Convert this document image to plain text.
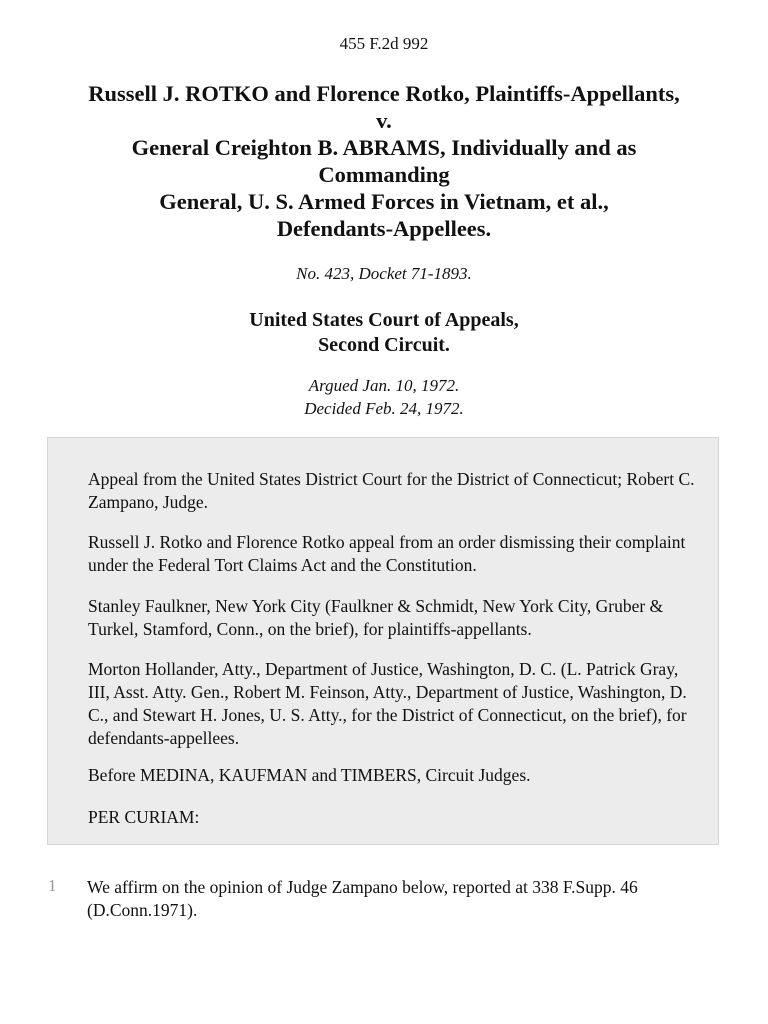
455 F.2d 992
Russell J. ROTKO and Florence Rotko, Plaintiffs-Appellants,
v.
General Creighton B. ABRAMS, Individually and as
Commanding
General, U. S. Armed Forces in Vietnam, et al.,
Defendants-Appellees.
No. 423, Docket 71-1893.
United States Court of Appeals,
Second Circuit.
Argued Jan. 10, 1972.
Decided Feb. 24, 1972.

Appeal from the United States District Court for the District of Connecticut; Robert C. Zampano, Judge.

Russell J. Rotko and Florence Rotko appeal from an order dismissing their complaint under the Federal Tort Claims Act and the Constitution.

Stanley Faulkner, New York City (Faulkner & Schmidt, New York City, Gruber & Turkel, Stamford, Conn., on the brief), for plaintiffs-appellants.

Morton Hollander, Atty., Department of Justice, Washington, D. C. (L. Patrick Gray, III, Asst. Atty. Gen., Robert M. Feinson, Atty., Department of Justice, Washington, D. C., and Stewart H. Jones, U. S. Atty., for the District of Connecticut, on the brief), for defendants-appellees.

Before MEDINA, KAUFMAN and TIMBERS, Circuit Judges.

PER CURIAM:

1 We affirm on the opinion of Judge Zampano below, reported at 338 F.Supp. 46 (D.Conn.1971).
